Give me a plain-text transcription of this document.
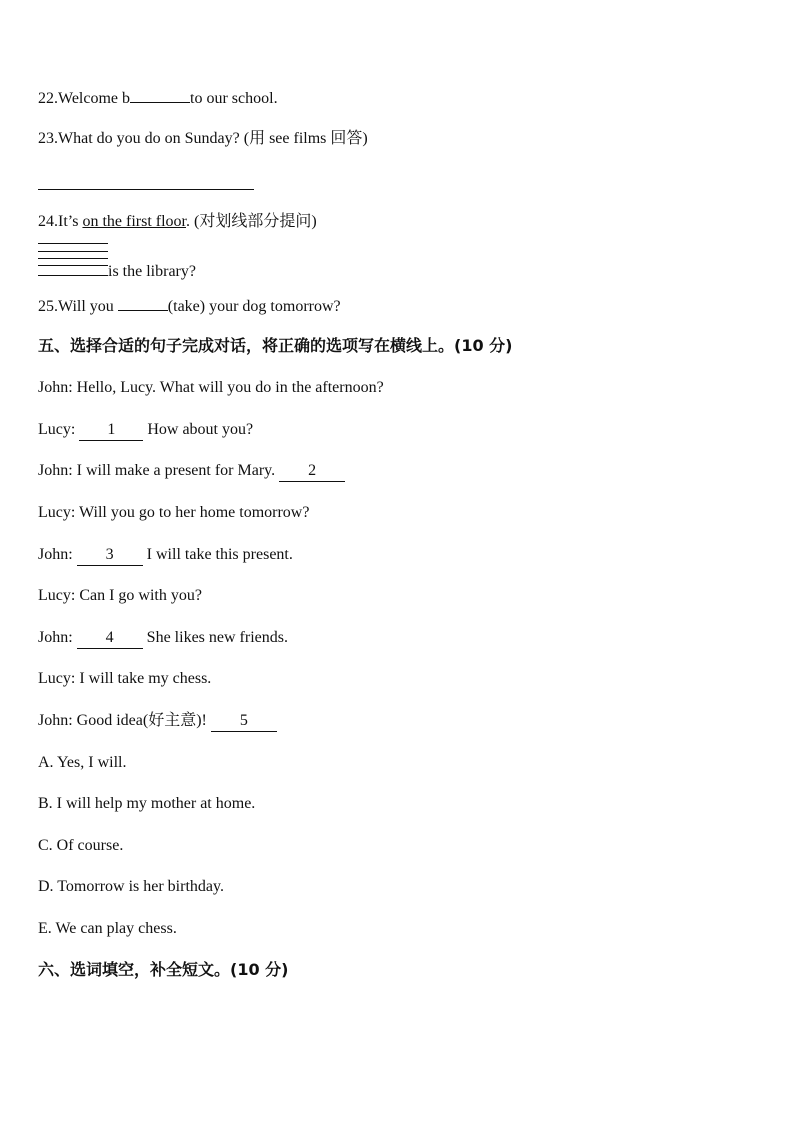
22.Welcome b	to our school.
23.What do you do on Sunday? (用 see films 回答)
24.It’s on the first floor. (对划线部分提问)
is the library?
25.Will you	(take) your dog tomorrow?
五、选择合适的句子完成对话，将正确的选项写在横线上。(10 分)
John: Hello, Lucy. What will you do in the afternoon?
Lucy: 1 How about you?
John: I will make a present for Mary. 2
Lucy: Will you go to her home tomorrow?
John: 3 I will take this present.
Lucy: Can I go with you?
John: 4 She likes new friends.
Lucy: I will take my chess.
John: Good idea(好主意)! 5
A. Yes, I will.
B. I will help my mother at home.
C. Of course.
D. Tomorrow is her birthday.
E. We can play chess.
六、选词填空，补全短文。(10 分)
